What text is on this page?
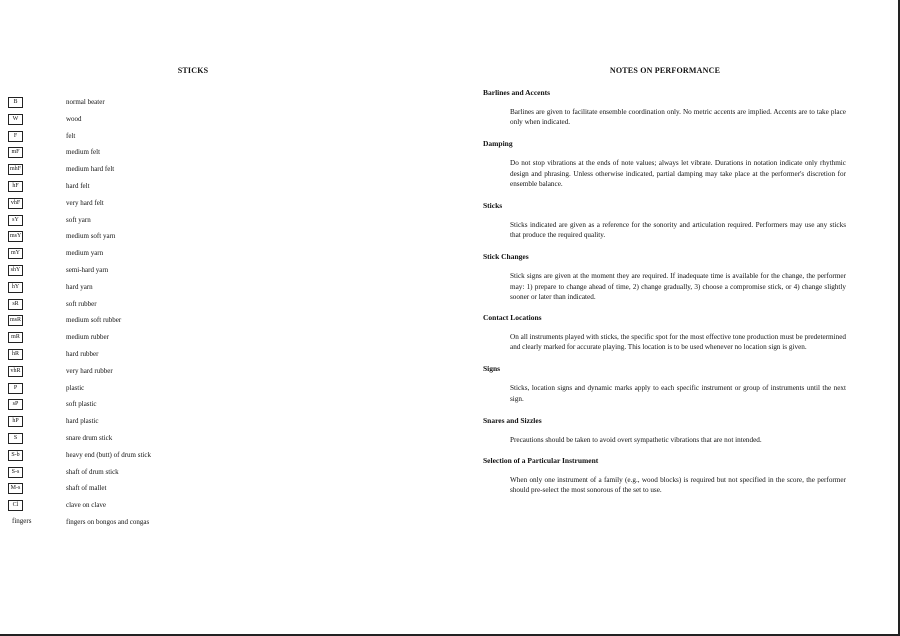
STICKS
B	normal beater
W	wood
F	felt
mF	medium felt
mhF	medium hard felt
hF	hard felt
vhF	very hard felt
sY	soft yarn
msY	medium soft yarn
mY	medium yarn
shY	semi-hard yarn
hY	hard yarn
sR	soft rubber
msR	medium soft rubber
mR	medium rubber
hR	hard rubber
vhR	very hard rubber
P	plastic
sP	soft plastic
hP	hard plastic
S	snare drum stick
S-b	heavy end (butt) of drum stick
S-s	shaft of drum stick
M-s	shaft of mallet
Cl	clave on clave
fingers	fingers on bongos and congas
NOTES ON PERFORMANCE
Barlines and Accents

Barlines are given to facilitate ensemble coordination only. No metric accents are implied. Accents are to take place only when indicated.

Damping

Do not stop vibrations at the ends of note values; always let vibrate. Durations in notation indicate only rhythmic design and phrasing. Unless otherwise indicated, partial damping may take place at the performer's discretion for ensemble balance.

Sticks

Sticks indicated are given as a reference for the sonority and articulation required. Performers may use any sticks that produce the required quality.

Stick Changes

Stick signs are given at the moment they are required. If inadequate time is available for the change, the performer may: 1) prepare to change ahead of time, 2) change gradually, 3) choose a compromise stick, or 4) change slightly sooner or later than indicated.

Contact Locations

On all instruments played with sticks, the specific spot for the most effective tone production must be predetermined and clearly marked for accurate playing. This location is to be used whenever no location sign is given.

Signs

Sticks, location signs and dynamic marks apply to each specific instrument or group of instruments until the next sign.

Snares and Sizzles

Precautions should be taken to avoid overt sympathetic vibrations that are not intended.

Selection of a Particular Instrument

When only one instrument of a family (e.g., wood blocks) is required but not specified in the score, the performer should pre-select the most sonorous of the set to use.
